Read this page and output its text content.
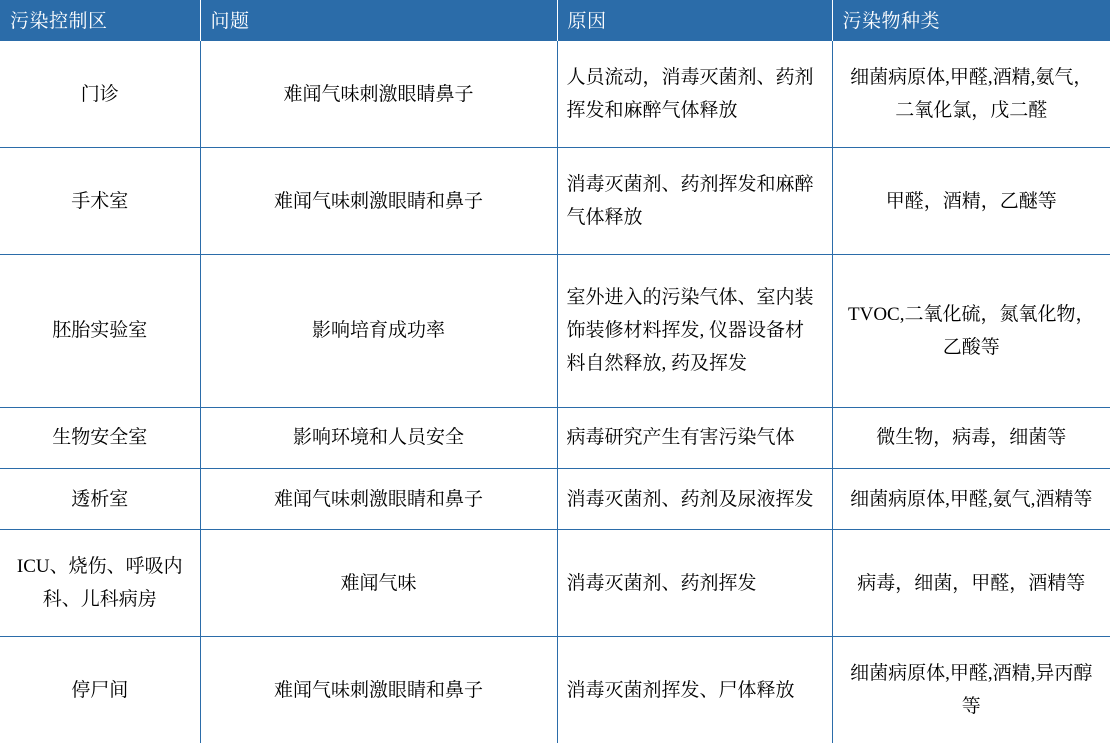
污染控制区	问题	原因	污染物种类
门诊	难闻气味刺激眼睛鼻子	人员流动，消毒灭菌剂、药剂挥发和麻醉气体释放	细菌病原体,甲醛,酒精,氨气，二氧化氯，戊二醛
手术室	难闻气味刺激眼睛和鼻子	消毒灭菌剂、药剂挥发和麻醉气体释放	甲醛，酒精，乙醚等
胚胎实验室	影响培育成功率	室外进入的污染气体、室内装饰装修材料挥发, 仪器设备材料自然释放, 药及挥发	TVOC,二氧化硫，氮氧化物，乙酸等
生物安全室	影响环境和人员安全	病毒研究产生有害污染气体	微生物，病毒，细菌等
透析室	难闻气味刺激眼睛和鼻子	消毒灭菌剂、药剂及尿液挥发	细菌病原体,甲醛,氨气,酒精等
ICU、烧伤、呼吸内科、儿科病房	难闻气味	消毒灭菌剂、药剂挥发	病毒，细菌，甲醛，酒精等
停尸间	难闻气味刺激眼睛和鼻子	消毒灭菌剂挥发、尸体释放	细菌病原体,甲醛,酒精,异丙醇等
